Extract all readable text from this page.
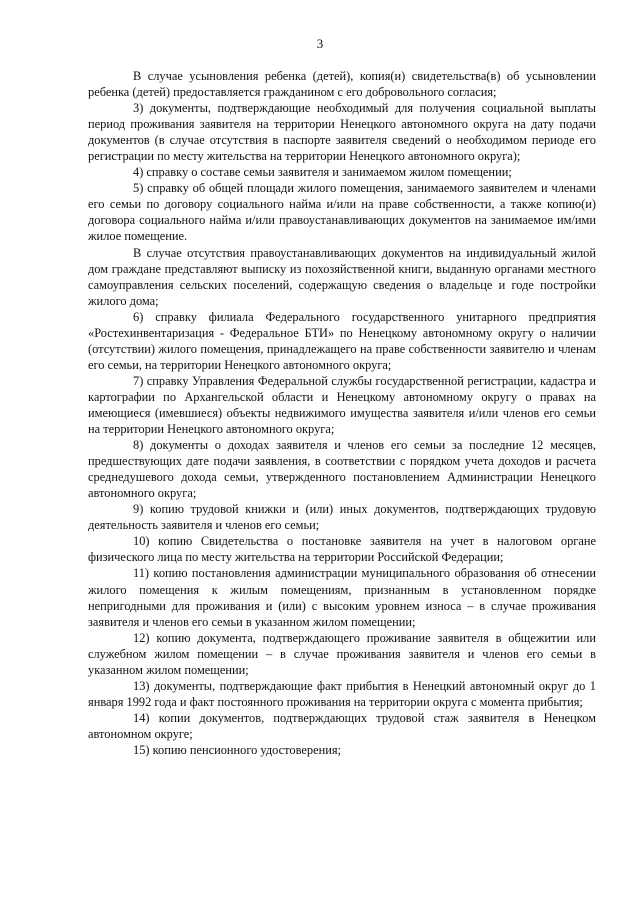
3

В случае усыновления ребенка (детей), копия(и) свидетельства(в) об усыновлении ребенка (детей) предоставляется гражданином с его добровольного согласия;

3) документы, подтверждающие необходимый для получения социальной выплаты период проживания заявителя на территории Ненецкого автономного округа на дату подачи документов (в случае отсутствия в паспорте заявителя сведений о необходимом периоде его регистрации по месту жительства на территории Ненецкого автономного округа);

4) справку о составе семьи заявителя и занимаемом жилом помещении;

5) справку об общей площади жилого помещения, занимаемого заявителем и членами его семьи по договору социального найма и/или на праве собственности, а также копию(и) договора социального найма и/или правоустанавливающих документов на занимаемое им/ими жилое помещение.

В случае отсутствия правоустанавливающих документов на индивидуальный жилой дом граждане представляют выписку из похозяйственной книги, выданную органами местного самоуправления сельских поселений, содержащую сведения о владельце и годе постройки жилого дома;

6) справку филиала Федерального государственного унитарного предприятия «Ростехинвентаризация - Федеральное БТИ» по Ненецкому автономному округу о наличии (отсутствии) жилого помещения, принадлежащего на праве собственности заявителю и членам его семьи, на территории Ненецкого автономного округа;

7) справку Управления Федеральной службы государственной регистрации, кадастра и картографии по Архангельской области и Ненецкому автономному округу о правах на имеющиеся (имевшиеся) объекты недвижимого имущества заявителя и/или членов его семьи на территории Ненецкого автономного округа;

8) документы о доходах заявителя и членов его семьи за последние 12 месяцев, предшествующих дате подачи заявления, в соответствии с порядком учета доходов и расчета среднедушевого дохода семьи, утвержденного постановлением Администрации Ненецкого автономного округа;

9) копию трудовой книжки и (или) иных документов, подтверждающих трудовую деятельность заявителя и членов его семьи;

10) копию Свидетельства о постановке заявителя на учет в налоговом органе физического лица по месту жительства на территории Российской Федерации;

11) копию постановления администрации муниципального образования об отнесении жилого помещения к жилым помещениям, признанным в установленном порядке непригодными для проживания и (или) с высоким уровнем износа – в случае проживания заявителя и членов его семьи в указанном жилом помещении;

12) копию документа, подтверждающего проживание заявителя в общежитии или служебном жилом помещении – в случае проживания заявителя и членов его семьи в указанном жилом помещении;

13) документы, подтверждающие факт прибытия в Ненецкий автономный округ до 1 января 1992 года и факт постоянного проживания на территории округа с момента прибытия;

14) копии документов, подтверждающих трудовой стаж заявителя в Ненецком автономном округе;

15) копию пенсионного удостоверения;
